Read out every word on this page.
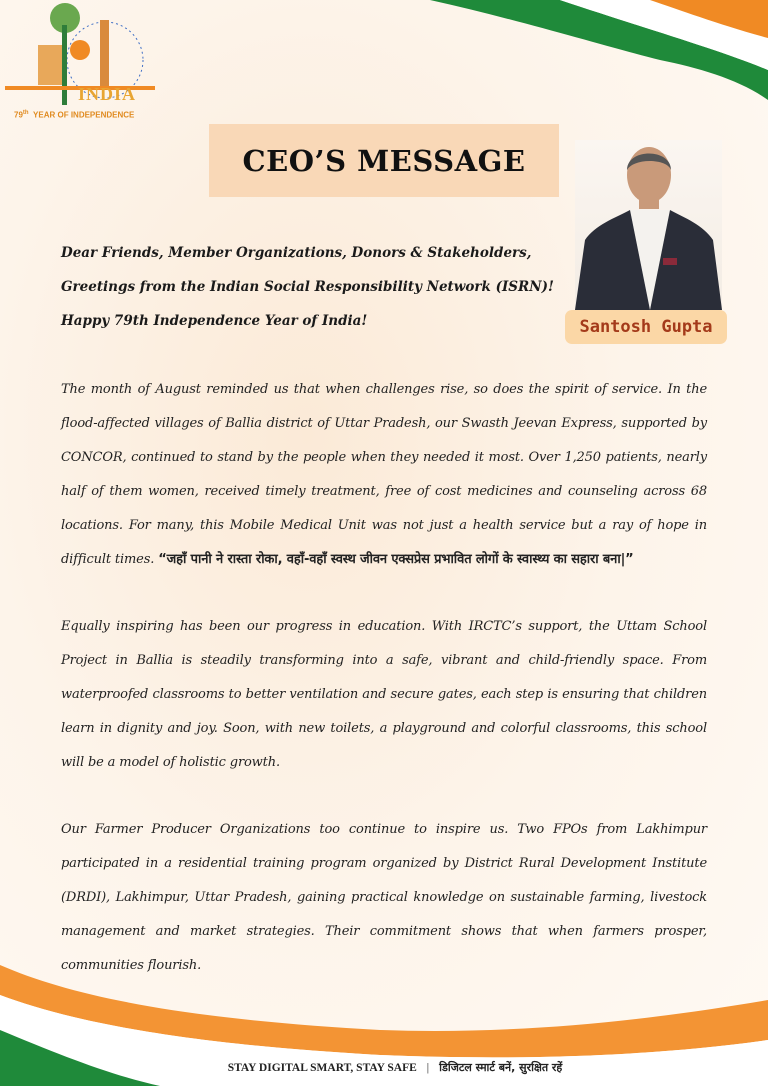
INDIA
79th YEAR OF INDEPENDENCE
CEO’S MESSAGE
Santosh Gupta
Dear Friends, Member Organizations, Donors & Stakeholders,
Greetings from the Indian Social Responsibility Network (ISRN)!
Happy 79th Independence Year of India!
The month of August reminded us that when challenges rise, so does the spirit of service. In the flood-affected villages of Ballia district of Uttar Pradesh, our Swasth Jeevan Express, supported by CONCOR, continued to stand by the people when they needed it most. Over 1,250 patients, nearly half of them women, received timely treatment, free of cost medicines and counseling across 68 locations. For many, this Mobile Medical Unit was not just a health service but a ray of hope in difficult times. “जहाँ पानी ने रास्ता रोका, वहाँ-वहाँ स्वस्थ जीवन एक्सप्रेस प्रभावित लोगों के स्वास्थ्य का सहारा बना|”
Equally inspiring has been our progress in education. With IRCTC’s support, the Uttam School Project in Ballia is steadily transforming into a safe, vibrant and child-friendly space. From waterproofed classrooms to better ventilation and secure gates, each step is ensuring that children learn in dignity and joy. Soon, with new toilets, a playground and colorful classrooms, this school will be a model of holistic growth.
Our Farmer Producer Organizations too continue to inspire us. Two FPOs from Lakhimpur participated in a residential training program organized by District Rural Development Institute (DRDI), Lakhimpur, Uttar Pradesh, gaining practical knowledge on sustainable farming, livestock management and market strategies. Their commitment shows that when farmers prosper, communities flourish.
STAY DIGITAL SMART, STAY SAFE | डिजिटल स्मार्ट बनें, सुरक्षित रहें
